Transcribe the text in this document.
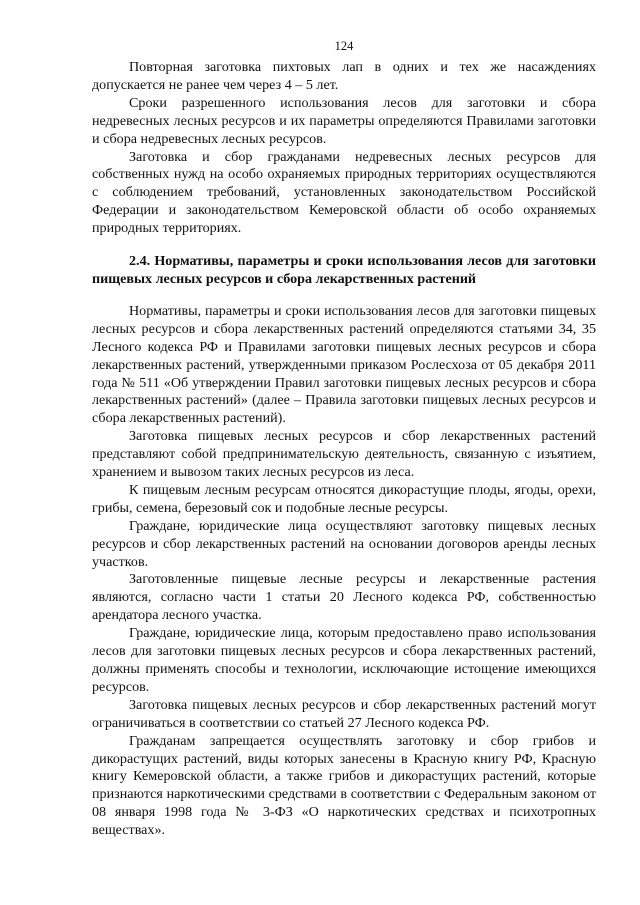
124

Повторная заготовка пихтовых лап в одних и тех же насаждениях допускается не ранее чем через 4 – 5 лет.

Сроки разрешенного использования лесов для заготовки и сбора недревесных лесных ресурсов и их параметры определяются Правилами заготовки и сбора недревесных лесных ресурсов.

Заготовка и сбор гражданами недревесных лесных ресурсов для собственных нужд на особо охраняемых природных территориях осуществляются с соблюдением требований, установленных законодательством Российской Федерации и законодательством Кемеровской области об особо охраняемых природных территориях.

2.4. Нормативы, параметры и сроки использования лесов для заготовки пищевых лесных ресурсов и сбора лекарственных растений

Нормативы, параметры и сроки использования лесов для заготовки пищевых лесных ресурсов и сбора лекарственных растений определяются статьями 34, 35 Лесного кодекса РФ и Правилами заготовки пищевых лесных ресурсов и сбора лекарственных растений, утвержденными приказом Рослесхоза от 05 декабря 2011 года № 511 «Об утверждении Правил заготовки пищевых лесных ресурсов и сбора лекарственных растений» (далее – Правила заготовки пищевых лесных ресурсов и сбора лекарственных растений).

Заготовка пищевых лесных ресурсов и сбор лекарственных растений представляют собой предпринимательскую деятельность, связанную с изъятием, хранением и вывозом таких лесных ресурсов из леса.

К пищевым лесным ресурсам относятся дикорастущие плоды, ягоды, орехи, грибы, семена, березовый сок и подобные лесные ресурсы.

Граждане, юридические лица осуществляют заготовку пищевых лесных ресурсов и сбор лекарственных растений на основании договоров аренды лесных участков.

Заготовленные пищевые лесные ресурсы и лекарственные растения являются, согласно части 1 статьи 20 Лесного кодекса РФ, собственностью арендатора лесного участка.

Граждане, юридические лица, которым предоставлено право использования лесов для заготовки пищевых лесных ресурсов и сбора лекарственных растений, должны применять способы и технологии, исключающие истощение имеющихся ресурсов.

Заготовка пищевых лесных ресурсов и сбор лекарственных растений могут ограничиваться в соответствии со статьей 27 Лесного кодекса РФ.

Гражданам запрещается осуществлять заготовку и сбор грибов и дикорастущих растений, виды которых занесены в Красную книгу РФ, Красную книгу Кемеровской области, а также грибов и дикорастущих растений, которые признаются наркотическими средствами в соответствии с Федеральным законом от 08 января 1998 года № 3-ФЗ «О наркотических средствах и психотропных веществах».
